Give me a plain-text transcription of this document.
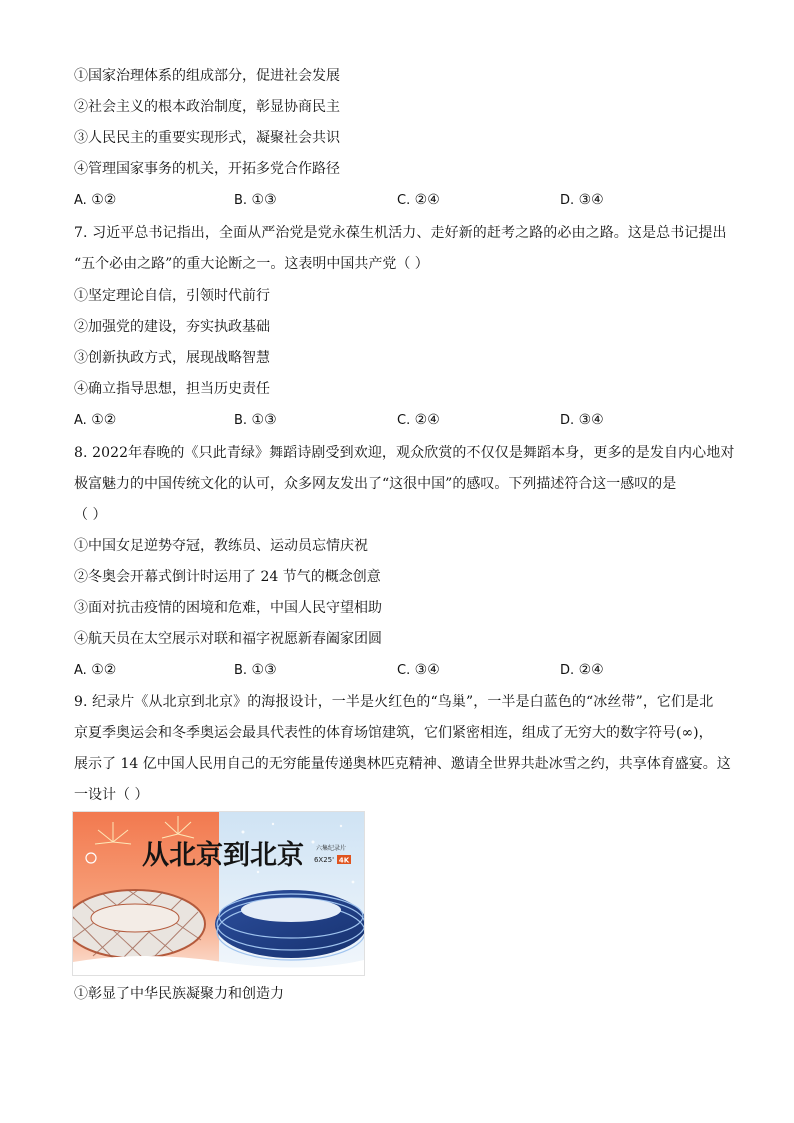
①国家治理体系的组成部分，促进社会发展
②社会主义的根本政治制度，彰显协商民主
③人民民主的重要实现形式，凝聚社会共识
④管理国家事务的机关，开拓多党合作路径
A. ①②	B. ①③	C. ②④	D. ③④
7. 习近平总书记指出，全面从严治党是党永葆生机活力、走好新的赶考之路的必由之路。这是总书记提出
“五个必由之路”的重大论断之一。这表明中国共产党（ ）
①坚定理论自信，引领时代前行
②加强党的建设，夯实执政基础
③创新执政方式，展现战略智慧
④确立指导思想，担当历史责任
A. ①②	B. ①③	C. ②④	D. ③④
8. 2022年春晚的《只此青绿》舞蹈诗剧受到欢迎，观众欣赏的不仅仅是舞蹈本身，更多的是发自内心地对
极富魅力的中国传统文化的认可，众多网友发出了“这很中国”的感叹。下列描述符合这一感叹的是
（ ）
①中国女足逆势夺冠，教练员、运动员忘情庆祝
②冬奥会开幕式倒计时运用了 24 节气的概念创意
③面对抗击疫情的困境和危难，中国人民守望相助
④航天员在太空展示对联和福字祝愿新春阖家团圆
A. ①②	B. ①③	C. ③④	D. ②④
9. 纪录片《从北京到北京》的海报设计，一半是火红色的“鸟巢”，一半是白蓝色的“冰丝带”，它们是北
京夏季奥运会和冬季奥运会最具代表性的体育场馆建筑，它们紧密相连，组成了无穷大的数字符号(∞)，
展示了 14 亿中国人民用自己的无穷能量传递奥林匹克精神、邀请全世界共赴冰雪之约，共享体育盛宴。这
一设计（ ）
从北京到北京 六集纪录片
6X25' 4K
①彰显了中华民族凝聚力和创造力
